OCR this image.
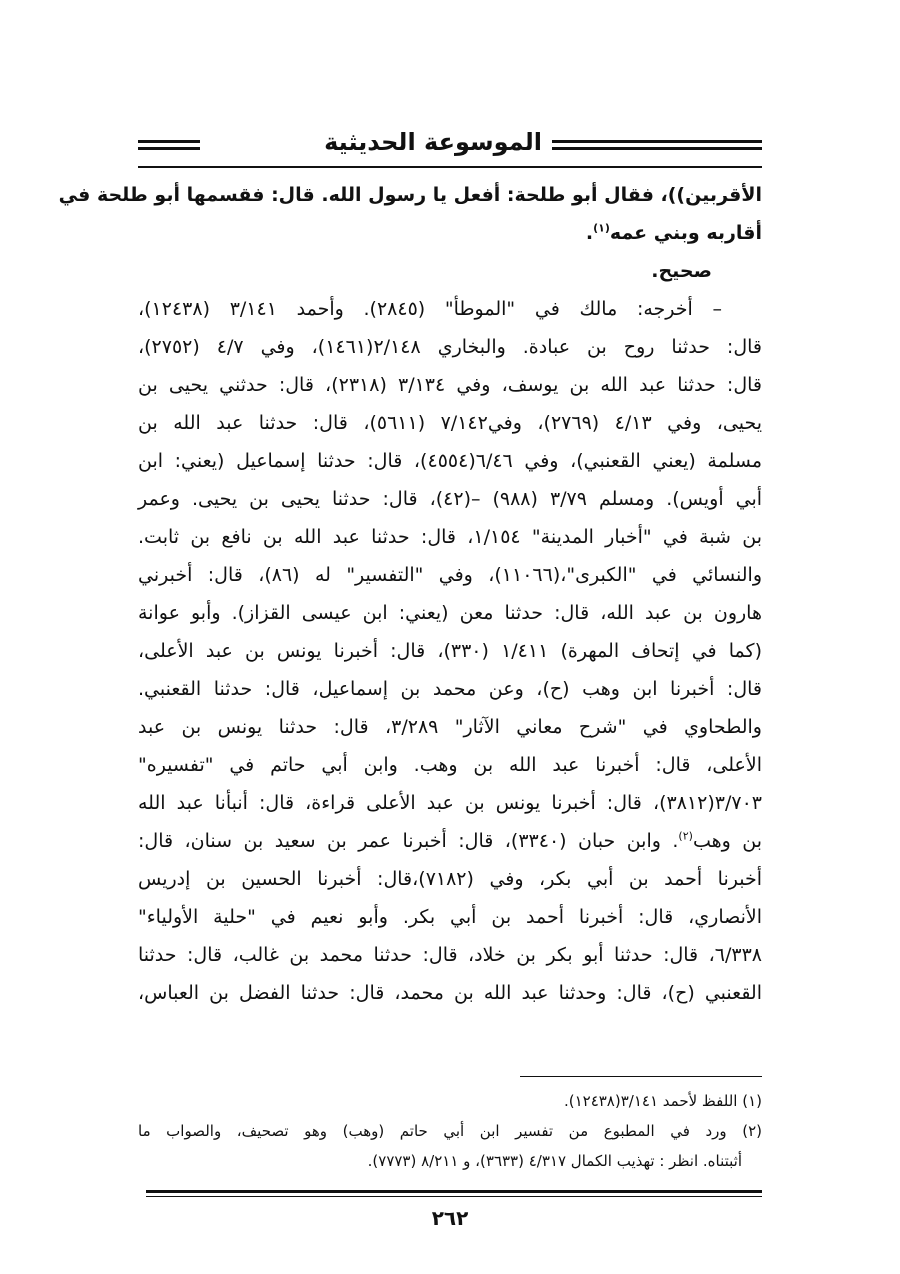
الموسوعة الحديثية
الأقربين))، فقال أبو طلحة: أفعل يا رسول الله. قال: فقسمها أبو طلحة في
أقاربه وبني عمه$^{(١)}$.
صحيح.
– أخرجه: مالك في "الموطأ" (٢٨٤٥). وأحمد ٣/١٤١ (١٢٤٣٨)،
قال: حدثنا روح بن عبادة. والبخاري ٢/١٤٨(١٤٦١)، وفي ٤/٧ (٢٧٥٢)،
قال: حدثنا عبد الله بن يوسف، وفي ٣/١٣٤ (٢٣١٨)، قال: حدثني يحيى بن
يحيى، وفي ٤/١٣ (٢٧٦٩)، وفي٧/١٤٢ (٥٦١١)، قال: حدثنا عبد الله بن
مسلمة (يعني القعنبي)، وفي ٦/٤٦(٤٥٥٤)، قال: حدثنا إسماعيل (يعني: ابن
أبي أويس). ومسلم ٣/٧٩ (٩٨٨) –(٤٢)، قال: حدثنا يحيى بن يحيى. وعمر
بن شبة في "أخبار المدينة" ١/١٥٤، قال: حدثنا عبد الله بن نافع بن ثابت.
والنسائي في "الكبرى"،(١١٠٦٦)، وفي "التفسير" له (٨٦)، قال: أخبرني
هارون بن عبد الله، قال: حدثنا معن (يعني: ابن عيسى القزاز). وأبو عوانة
(كما في إتحاف المهرة) ١/٤١١ (٣٣٠)، قال: أخبرنا يونس بن عبد الأعلى،
قال: أخبرنا ابن وهب (ح)، وعن محمد بن إسماعيل، قال: حدثنا القعنبي.
والطحاوي في "شرح معاني الآثار" ٣/٢٨٩، قال: حدثنا يونس بن عبد
الأعلى، قال: أخبرنا عبد الله بن وهب. وابن أبي حاتم في "تفسيره"
٣/٧٠٣(٣٨١٢)، قال: أخبرنا يونس بن عبد الأعلى قراءة، قال: أنبأنا عبد الله
بن وهب$^{(٢)}$. وابن حبان (٣٣٤٠)، قال: أخبرنا عمر بن سعيد بن سنان، قال:
أخبرنا أحمد بن أبي بكر، وفي (٧١٨٢)،قال: أخبرنا الحسين بن إدريس
الأنصاري، قال: أخبرنا أحمد بن أبي بكر. وأبو نعيم في "حلية الأولياء"
٦/٣٣٨، قال: حدثنا أبو بكر بن خلاد، قال: حدثنا محمد بن غالب، قال: حدثنا
القعنبي (ح)، قال: وحدثنا عبد الله بن محمد، قال: حدثنا الفضل بن العباس،
(١) اللفظ لأحمد ٣/١٤١(١٢٤٣٨).
(٢) ورد في المطبوع من تفسير ابن أبي حاتم (وهب) وهو تصحيف، والصواب ما
أثبتناه. انظر : تهذيب الكمال ٤/٣١٧ (٣٦٣٣)، و ٨/٢١١ (٧٧٧٣).
٢٦٢
